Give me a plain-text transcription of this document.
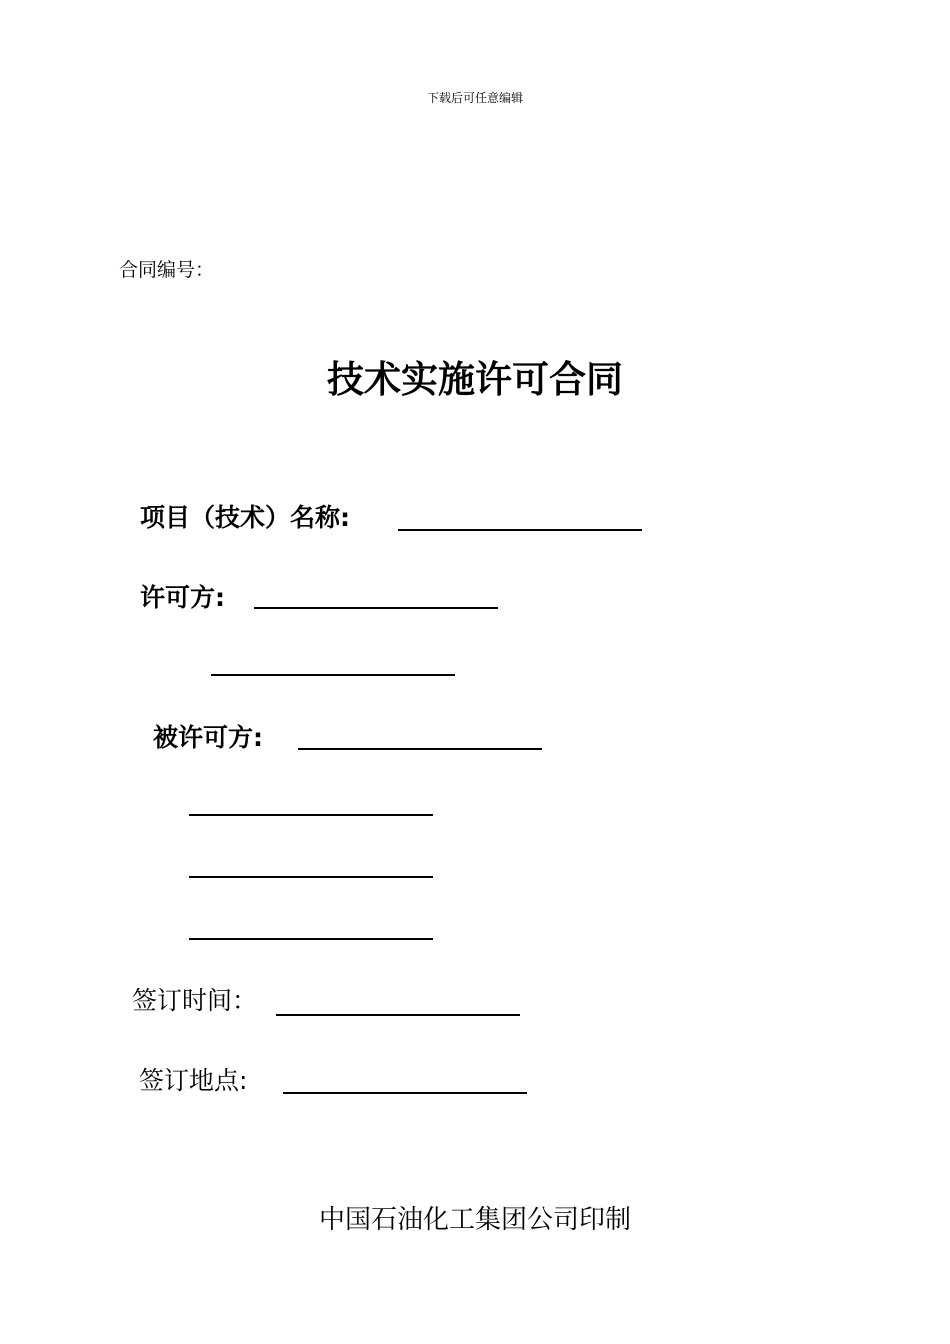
下载后可任意编辑
合同编号：
技术实施许可合同
项目（技术）名称:
许可方:
被许可方:
签订时间：
签订地点:
中国石油化工集团公司印制
